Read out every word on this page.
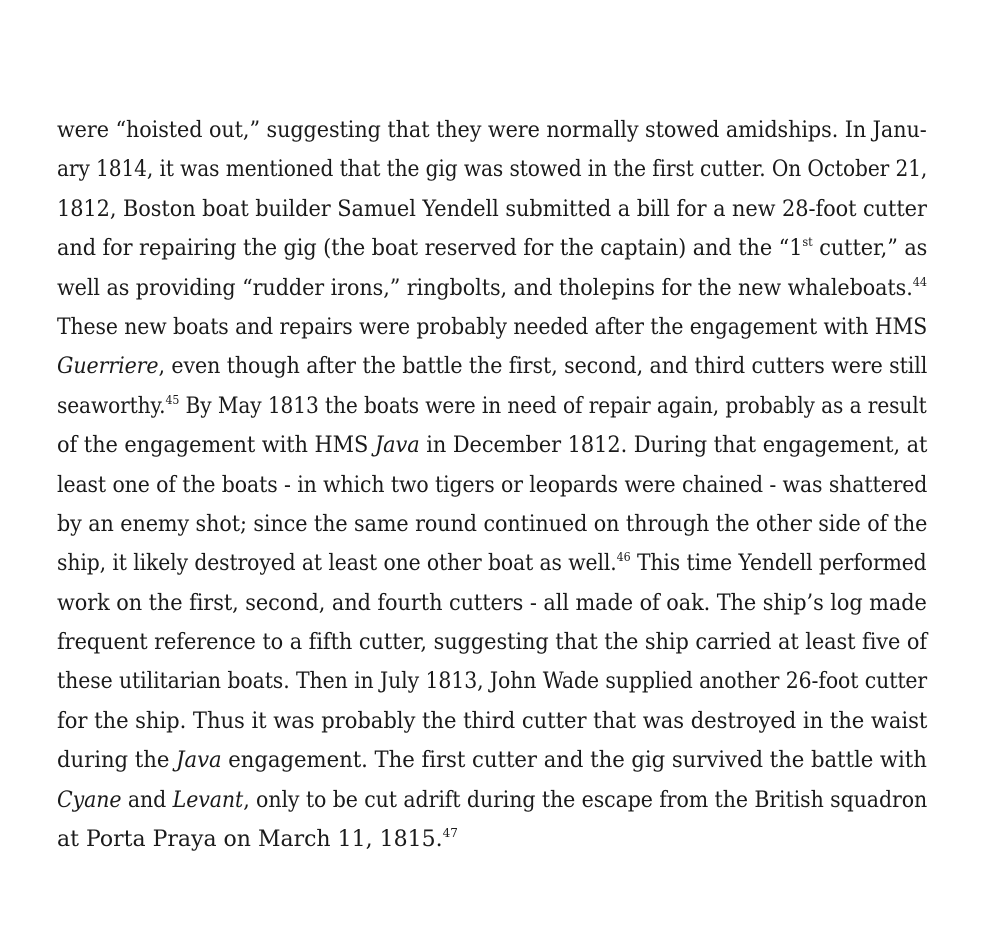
were “hoisted out,” suggesting that they were normally stowed amidships. In Janu-
ary 1814, it was mentioned that the gig was stowed in the first cutter. On October 21,
1812, Boston boat builder Samuel Yendell submitted a bill for a new 28-foot cutter
and for repairing the gig (the boat reserved for the captain) and the “1st cutter,” as
well as providing “rudder irons,” ringbolts, and tholepins for the new whaleboats.$^{44}$
These new boats and repairs were probably needed after the engagement with HMS
Guerriere, even though after the battle the first, second, and third cutters were still
seaworthy.$^{45}$ By May 1813 the boats were in need of repair again, probably as a result
of the engagement with HMS Java in December 1812. During that engagement, at
least one of the boats - in which two tigers or leopards were chained - was shattered
by an enemy shot; since the same round continued on through the other side of the
ship, it likely destroyed at least one other boat as well.$^{46}$ This time Yendell performed
work on the first, second, and fourth cutters - all made of oak. The ship’s log made
frequent reference to a fifth cutter, suggesting that the ship carried at least five of
these utilitarian boats. Then in July 1813, John Wade supplied another 26-foot cutter
for the ship. Thus it was probably the third cutter that was destroyed in the waist
during the Java engagement. The first cutter and the gig survived the battle with
Cyane and Levant, only to be cut adrift during the escape from the British squadron
at Porta Praya on March 11, 1815.47
